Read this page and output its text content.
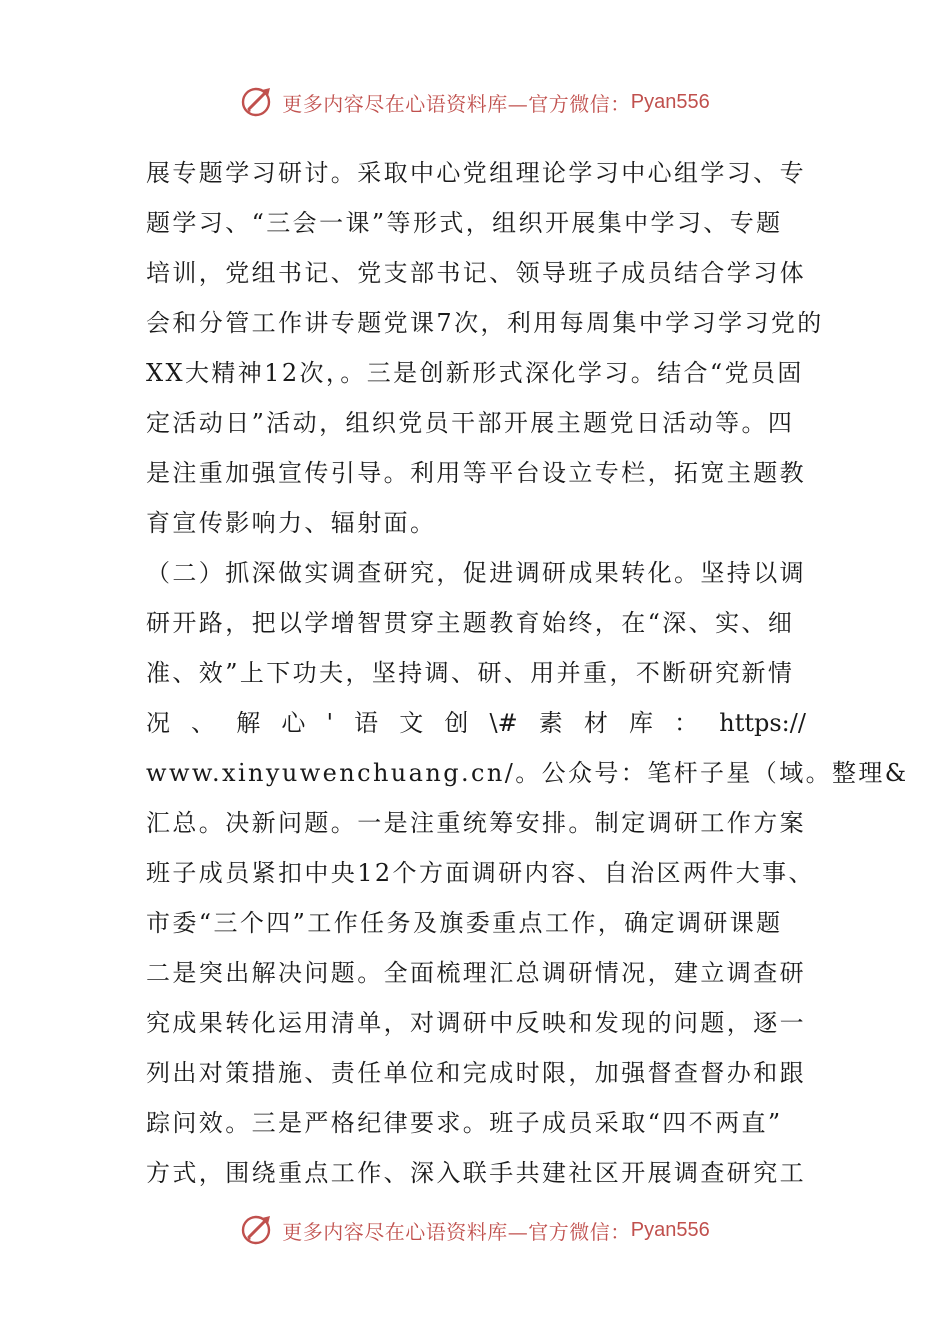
更多内容尽在心语资料库—官方微信： Pyan556
展专题学习研讨。采取中心党组理论学习中心组学习、专
题学习、“三会一课”等形式，组织开展集中学习、专题
培训，党组书记、党支部书记、领导班子成员结合学习体
会和分管工作讲专题党课7次，利用每周集中学习学习党的
XX大精神12次，。三是创新形式深化学习。结合“党员固
定活动日”活动，组织党员干部开展主题党日活动等。四
是注重加强宣传引导。利用等平台设立专栏，拓宽主题教
育宣传影响力、辐射面。
（二）抓深做实调查研究，促进调研成果转化。坚持以调
研开路，把以学增智贯穿主题教育始终，在“深、实、细
准、效”上下功夫，坚持调、研、用并重，不断研究新情
况 、 解 心 ' 语 文 创 \# 素 材 库 ： https://
www.xinyuwenchuang.cn/。公众号：笔杆子星（域。整理&
汇总。决新问题。一是注重统筹安排。制定调研工作方案
班子成员紧扣中央12个方面调研内容、自治区两件大事、
市委“三个四”工作任务及旗委重点工作，确定调研课题
二是突出解决问题。全面梳理汇总调研情况，建立调查研
究成果转化运用清单，对调研中反映和发现的问题，逐一
列出对策措施、责任单位和完成时限，加强督查督办和跟
踪问效。三是严格纪律要求。班子成员采取“四不两直”
方式，围绕重点工作、深入联手共建社区开展调查研究工
更多内容尽在心语资料库—官方微信： Pyan556
